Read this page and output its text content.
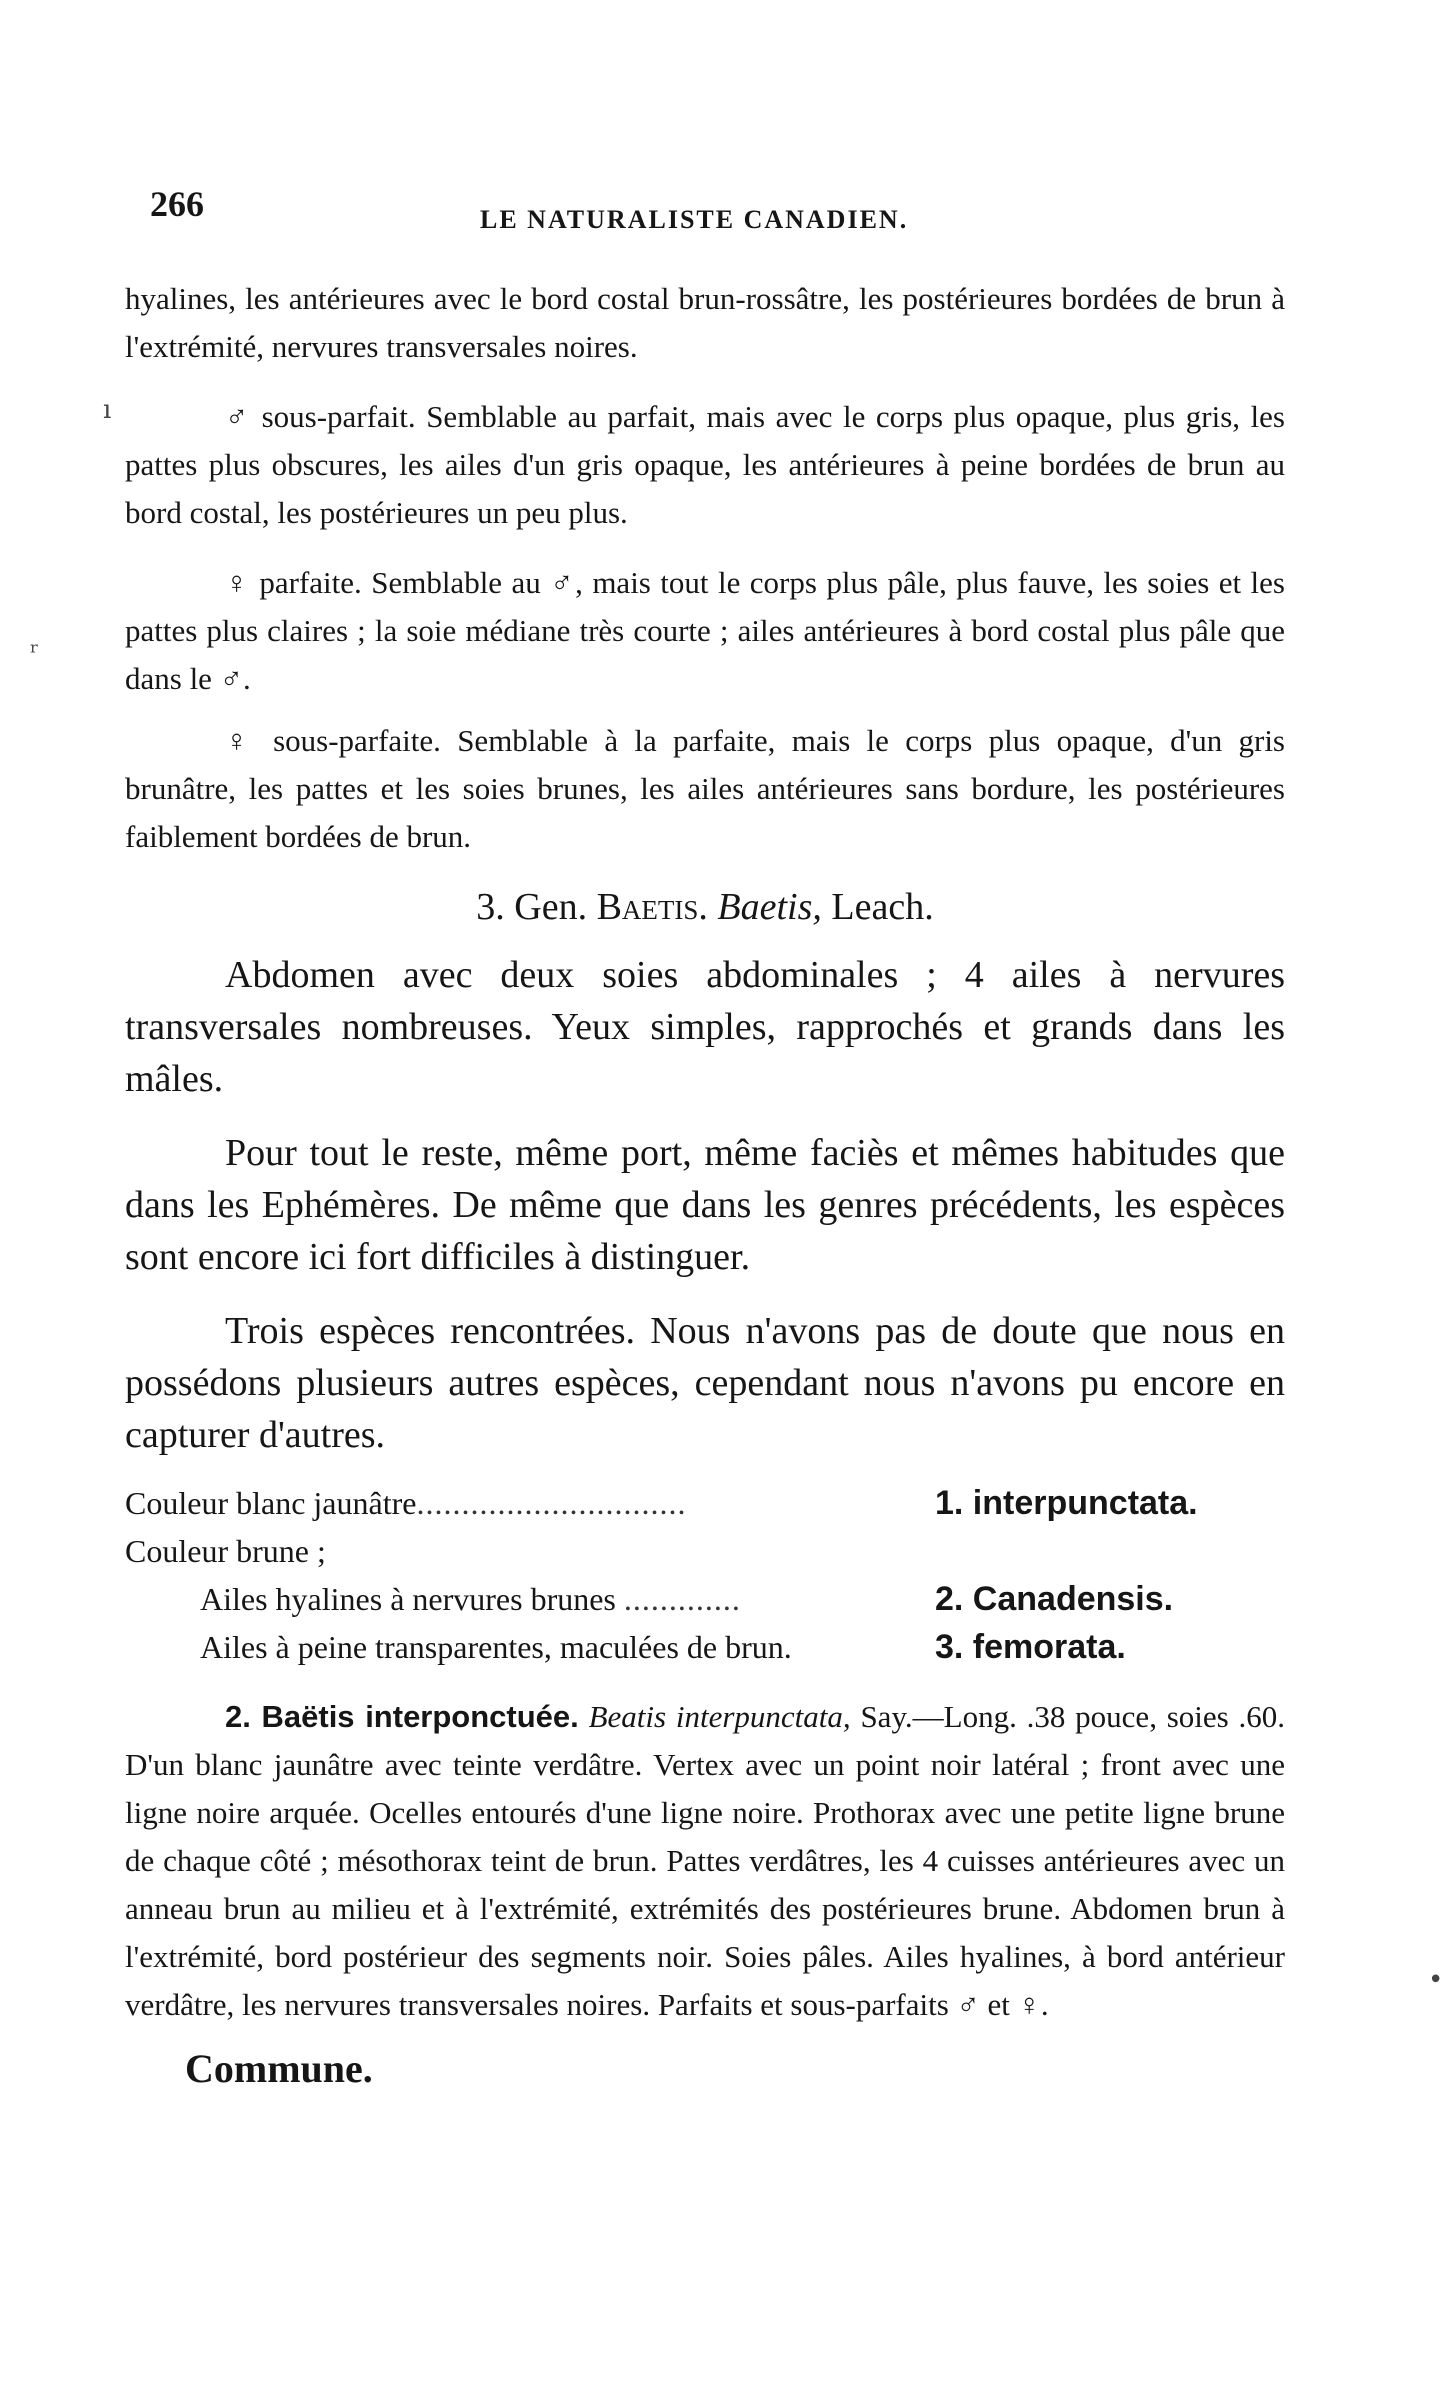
266	LE NATURALISTE CANADIEN.
ı
ʳ
•

hyalines, les antérieures avec le bord costal brun-rossâtre, les postérieures bordées de brun à l'extrémité, nervures transversales noires.

♂ sous-parfait. Semblable au parfait, mais avec le corps plus opaque, plus gris, les pattes plus obscures, les ailes d'un gris opaque, les antérieures à peine bordées de brun au bord costal, les postérieures un peu plus.

♀ parfaite. Semblable au ♂, mais tout le corps plus pâle, plus fauve, les soies et les pattes plus claires ; la soie médiane très courte ; ailes antérieures à bord costal plus pâle que dans le ♂.

♀ sous-parfaite. Semblable à la parfaite, mais le corps plus opaque, d'un gris brunâtre, les pattes et les soies brunes, les ailes antérieures sans bordure, les postérieures faiblement bordées de brun.

3. Gen. Baetis. Baetis, Leach.

Abdomen avec deux soies abdominales ; 4 ailes à nervures transversales nombreuses. Yeux simples, rapprochés et grands dans les mâles.

Pour tout le reste, même port, même faciès et mêmes habitudes que dans les Ephémères. De même que dans les genres précédents, les espèces sont encore ici fort difficiles à distinguer.

Trois espèces rencontrées. Nous n'avons pas de doute que nous en possédons plusieurs autres espèces, cependant nous n'avons pu encore en capturer d'autres.

Couleur blanc jaunâtre..............................	1. interpunctata.
Couleur brune ;
Ailes hyalines à nervures brunes .............	2. Canadensis.
Ailes à peine transparentes, maculées de brun.	3. femorata.

2. Baëtis interponctuée. Beatis interpunctata, Say.—Long. .38 pouce, soies .60. D'un blanc jaunâtre avec teinte verdâtre. Vertex avec un point noir latéral ; front avec une ligne noire arquée. Ocelles entourés d'une ligne noire. Prothorax avec une petite ligne brune de chaque côté ; mésothorax teint de brun. Pattes verdâtres, les 4 cuisses antérieures avec un anneau brun au milieu et à l'extrémité, extrémités des postérieures brune. Abdomen brun à l'extrémité, bord postérieur des segments noir. Soies pâles. Ailes hyalines, à bord antérieur verdâtre, les nervures transversales noires. Parfaits et sous-parfaits ♂ et ♀.

Commune.
